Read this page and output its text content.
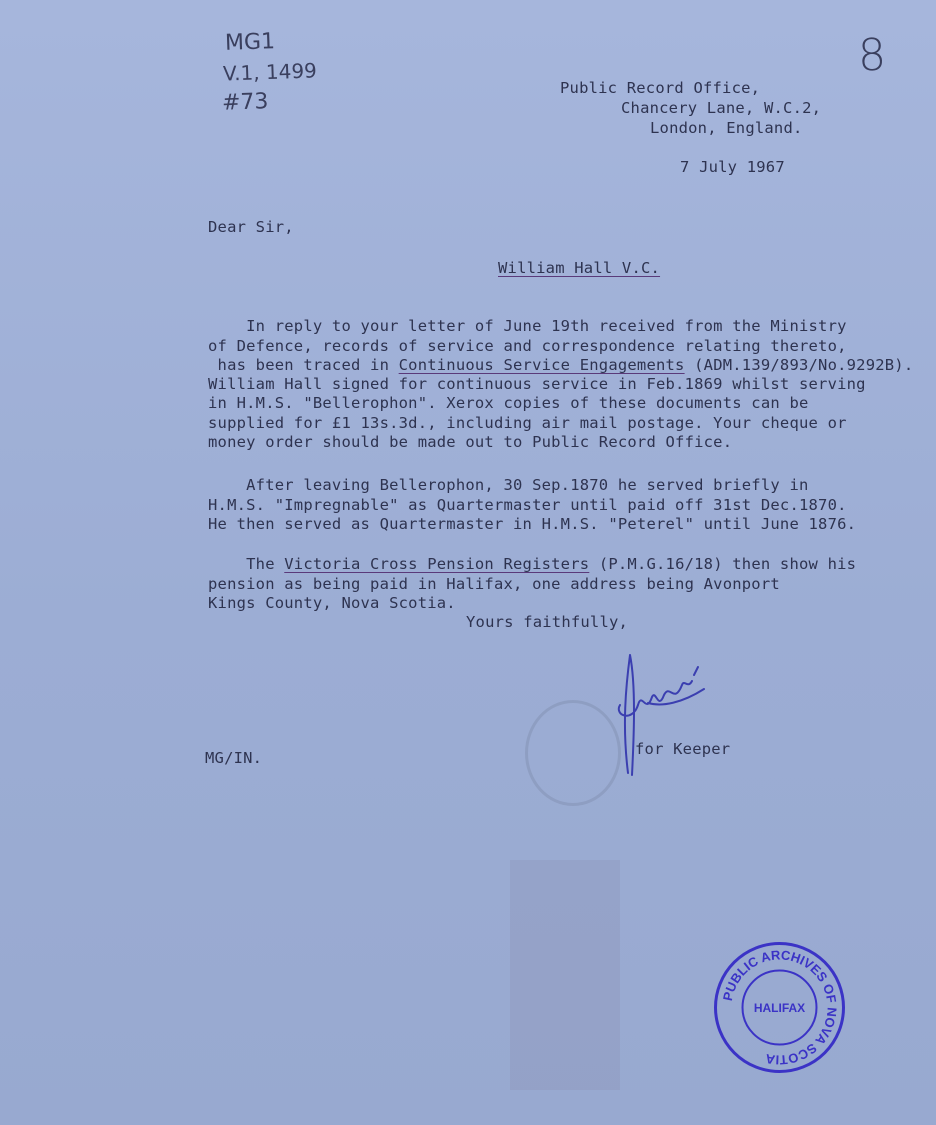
MG1
V.1, 1499
#73
8
Public Record Office,
Chancery Lane, W.C.2,
London, England.
7 July 1967
Dear Sir,
William Hall V.C.

In reply to your letter of June 19th received from the Ministry
of Defence, records of service and correspondence relating thereto,
has been traced in Continuous Service Engagements (ADM.139/893/No.9292B).
William Hall signed for continuous service in Feb.1869 whilst serving
in H.M.S. "Bellerophon". Xerox copies of these documents can be
supplied for £1 13s.3d., including air mail postage. Your cheque or
money order should be made out to Public Record Office.

After leaving Bellerophon, 30 Sep.1870 he served briefly in
H.M.S. "Impregnable" as Quartermaster until paid off 31st Dec.1870.
He then served as Quartermaster in H.M.S. "Peterel" until June 1876.

The Victoria Cross Pension Registers (P.M.G.16/18) then show his
pension as being paid in Halifax, one address being Avonport
Kings County, Nova Scotia.
Yours faithfully,
for Keeper
MG/IN.
PUBLIC ARCHIVES OF NOVA SCOTIA
HALIFAX
